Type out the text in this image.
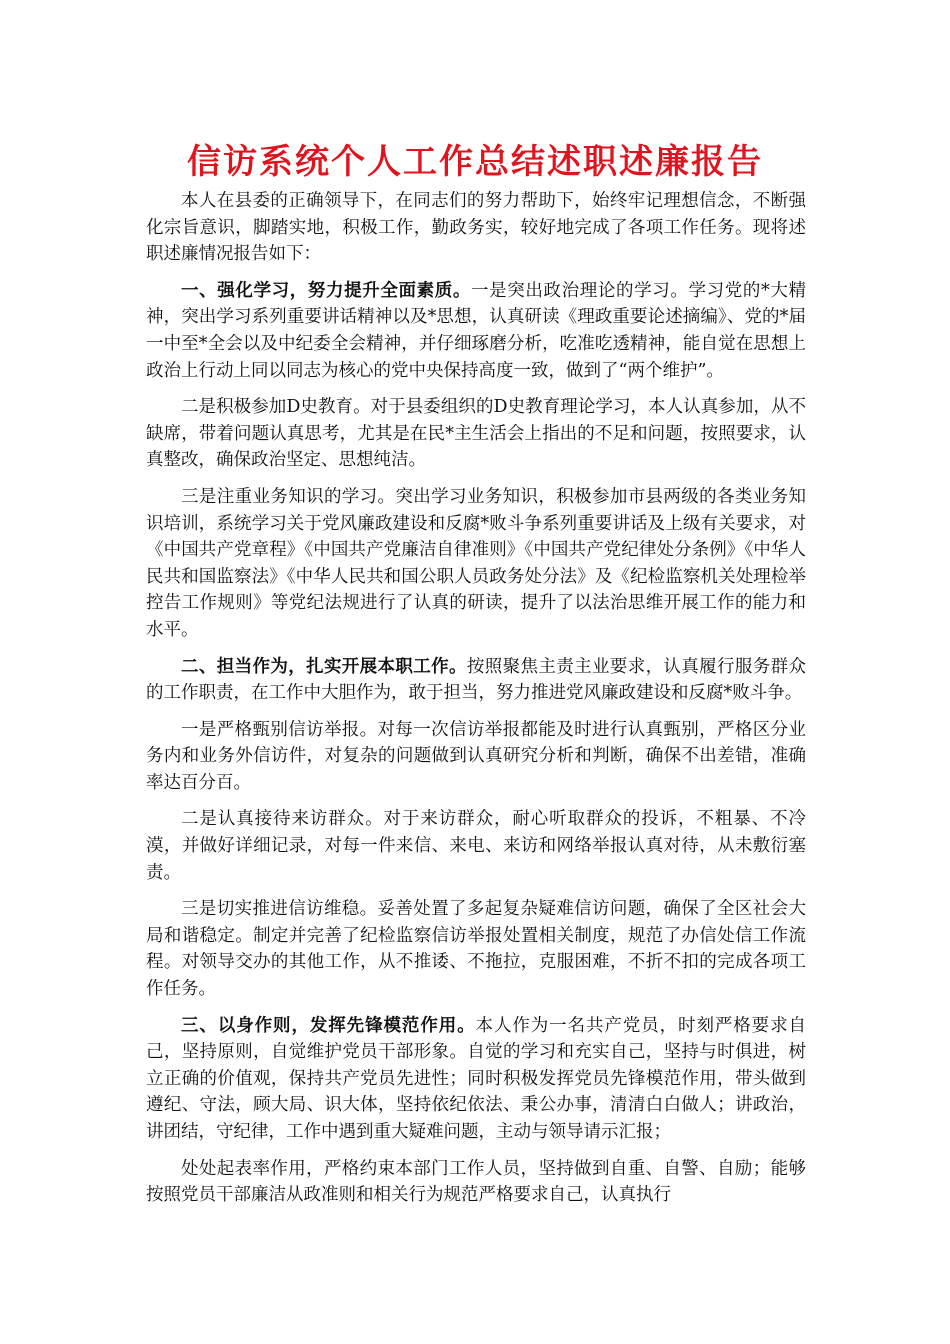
信访系统个人工作总结述职述廉报告

本人在县委的正确领导下，在同志们的努力帮助下，始终牢记理想信念，不断强化宗旨意识，脚踏实地，积极工作，勤政务实，较好地完成了各项工作任务。现将述职述廉情况报告如下：

一、强化学习，努力提升全面素质。一是突出政治理论的学习。学习党的*大精神，突出学习系列重要讲话精神以及*思想，认真研读《理政重要论述摘编》、党的*届一中至*全会以及中纪委全会精神，并仔细琢磨分析，吃准吃透精神，能自觉在思想上政治上行动上同以同志为核心的党中央保持高度一致，做到了“两个维护”。

二是积极参加D史教育。对于县委组织的D史教育理论学习，本人认真参加，从不缺席，带着问题认真思考，尤其是在民*主生活会上指出的不足和问题，按照要求，认真整改，确保政治坚定、思想纯洁。

三是注重业务知识的学习。突出学习业务知识，积极参加市县两级的各类业务知识培训，系统学习关于党风廉政建设和反腐*败斗争系列重要讲话及上级有关要求，对《中国共产党章程》《中国共产党廉洁自律准则》《中国共产党纪律处分条例》《中华人民共和国监察法》《中华人民共和国公职人员政务处分法》及《纪检监察机关处理检举控告工作规则》等党纪法规进行了认真的研读，提升了以法治思维开展工作的能力和水平。

二、担当作为，扎实开展本职工作。按照聚焦主责主业要求，认真履行服务群众的工作职责，在工作中大胆作为，敢于担当，努力推进党风廉政建设和反腐*败斗争。

一是严格甄别信访举报。对每一次信访举报都能及时进行认真甄别，严格区分业务内和业务外信访件，对复杂的问题做到认真研究分析和判断，确保不出差错，准确率达百分百。

二是认真接待来访群众。对于来访群众，耐心听取群众的投诉，不粗暴、不冷漠，并做好详细记录，对每一件来信、来电、来访和网络举报认真对待，从未敷衍塞责。

三是切实推进信访维稳。妥善处置了多起复杂疑难信访问题，确保了全区社会大局和谐稳定。制定并完善了纪检监察信访举报处置相关制度，规范了办信处信工作流程。对领导交办的其他工作，从不推诿、不拖拉，克服困难，不折不扣的完成各项工作任务。

三、以身作则，发挥先锋模范作用。本人作为一名共产党员，时刻严格要求自己，坚持原则，自觉维护党员干部形象。自觉的学习和充实自己，坚持与时俱进，树立正确的价值观，保持共产党员先进性；同时积极发挥党员先锋模范作用，带头做到遵纪、守法，顾大局、识大体，坚持依纪依法、秉公办事，清清白白做人；讲政治，讲团结，守纪律，工作中遇到重大疑难问题，主动与领导请示汇报；

处处起表率作用，严格约束本部门工作人员，坚持做到自重、自警、自励；能够按照党员干部廉洁从政准则和相关行为规范严格要求自己，认真执行
